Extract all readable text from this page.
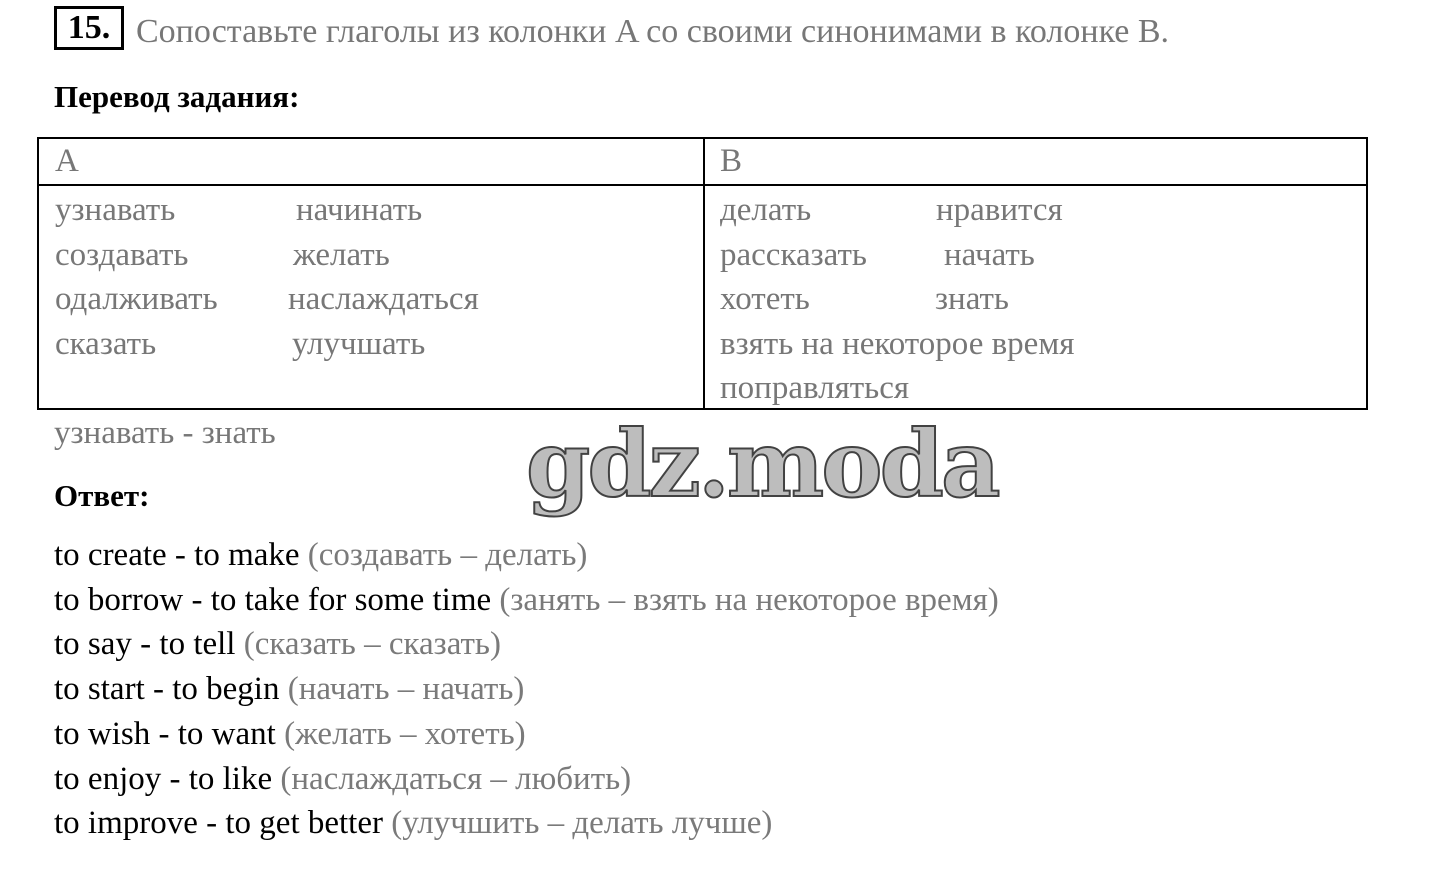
15. Сопоставьте глаголы из колонки A со своими синонимами в колонке B.
Перевод задания:
A	B
узнавать
создавать
одалживать
сказать
начинать
желать
наслаждаться
улучшать
делать
рассказать
хотеть
нравится
начать
знать
взять на некоторое время
поправляться
узнавать - знать	gdz.moda
Ответ:
to create - to make (создавать – делать)
to borrow - to take for some time (занять – взять на некоторое время)
to say - to tell (сказать – сказать)
to start - to begin (начать – начать)
to wish - to want (желать – хотеть)
to enjoy - to like (наслаждаться – любить)
to improve - to get better (улучшить – делать лучше)
